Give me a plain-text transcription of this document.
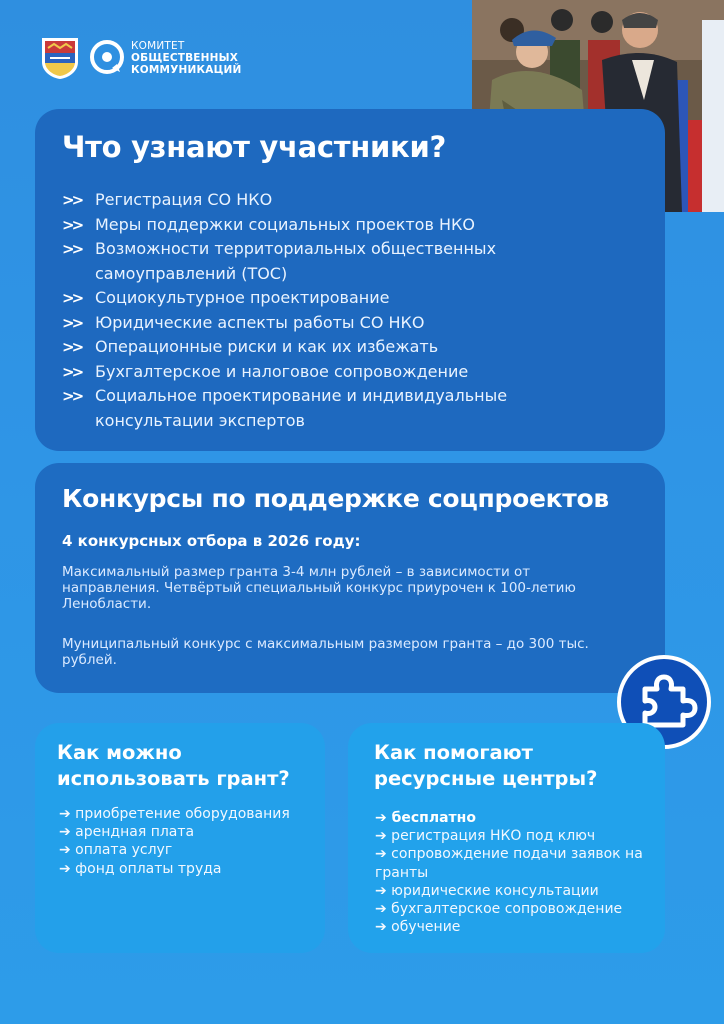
КОМИТЕТ
ОБЩЕСТВЕННЫХ
КОММУНИКАЦИЙ
Что узнают участники?
>> Регистрация СО НКО
>> Меры поддержки социальных проектов НКО
>> Возможности территориальных общественных самоуправлений (ТОС)
>> Социокультурное проектирование
>> Юридические аспекты работы СО НКО
>> Операционные риски и как их избежать
>> Бухгалтерское и налоговое сопровождение
>> Социальное проектирование и индивидуальные консультации экспертов
Конкурсы по поддержке соцпроектов
4 конкурсных отбора в 2026 году:
Максимальный размер гранта 3-4 млн рублей – в зависимости от направления. Четвёртый специальный конкурс приурочен к 100-летию Ленобласти.
Муниципальный конкурс с максимальным размером гранта – до 300 тыс. рублей.
Как можно использовать грант?
➔ приобретение оборудования
➔ арендная плата
➔ оплата услуг
➔ фонд оплаты труда
Как помогают ресурсные центры?
➔ бесплатно
➔ регистрация НКО под ключ
➔ сопровождение подачи заявок на гранты
➔ юридические консультации
➔ бухгалтерское сопровождение
➔ обучение
